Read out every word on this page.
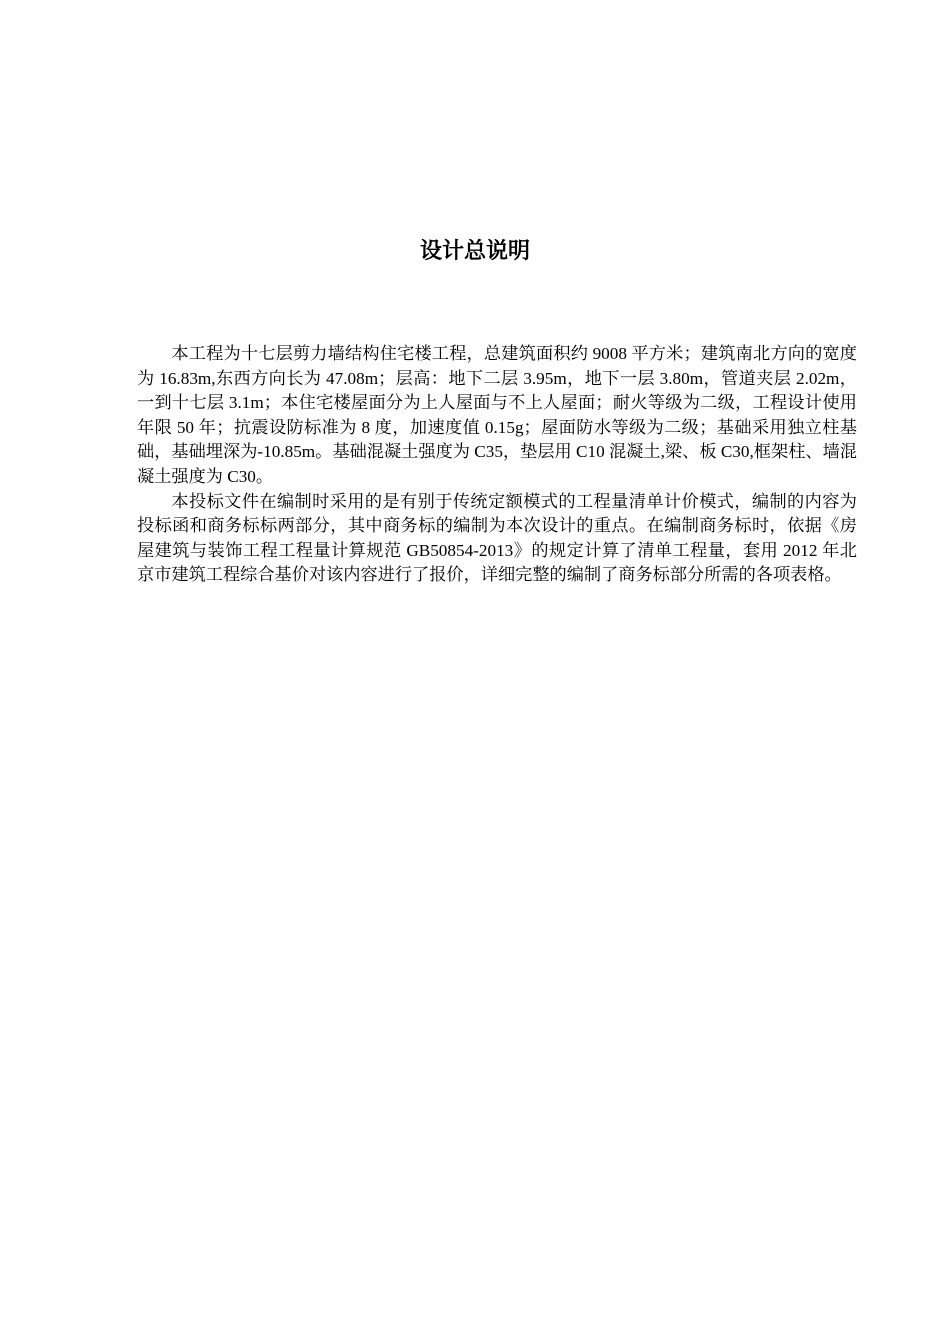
设计总说明

本工程为十七层剪力墙结构住宅楼工程，总建筑面积约 9008 平方米；建筑南北方向的宽度为 16.83m,东西方向长为 47.08m；层高：地下二层 3.95m，地下一层 3.80m，管道夹层 2.02m，一到十七层 3.1m；本住宅楼屋面分为上人屋面与不上人屋面；耐火等级为二级，工程设计使用年限 50 年；抗震设防标准为 8 度，加速度值 0.15g；屋面防水等级为二级；基础采用独立柱基础，基础埋深为-10.85m。基础混凝土强度为 C35，垫层用 C10 混凝土,梁、板 C30,框架柱、墙混凝土强度为 C30。

本投标文件在编制时采用的是有别于传统定额模式的工程量清单计价模式，编制的内容为投标函和商务标标两部分，其中商务标的编制为本次设计的重点。在编制商务标时，依据《房屋建筑与装饰工程工程量计算规范 GB50854-2013》的规定计算了清单工程量，套用 2012 年北京市建筑工程综合基价对该内容进行了报价，详细完整的编制了商务标部分所需的各项表格。
